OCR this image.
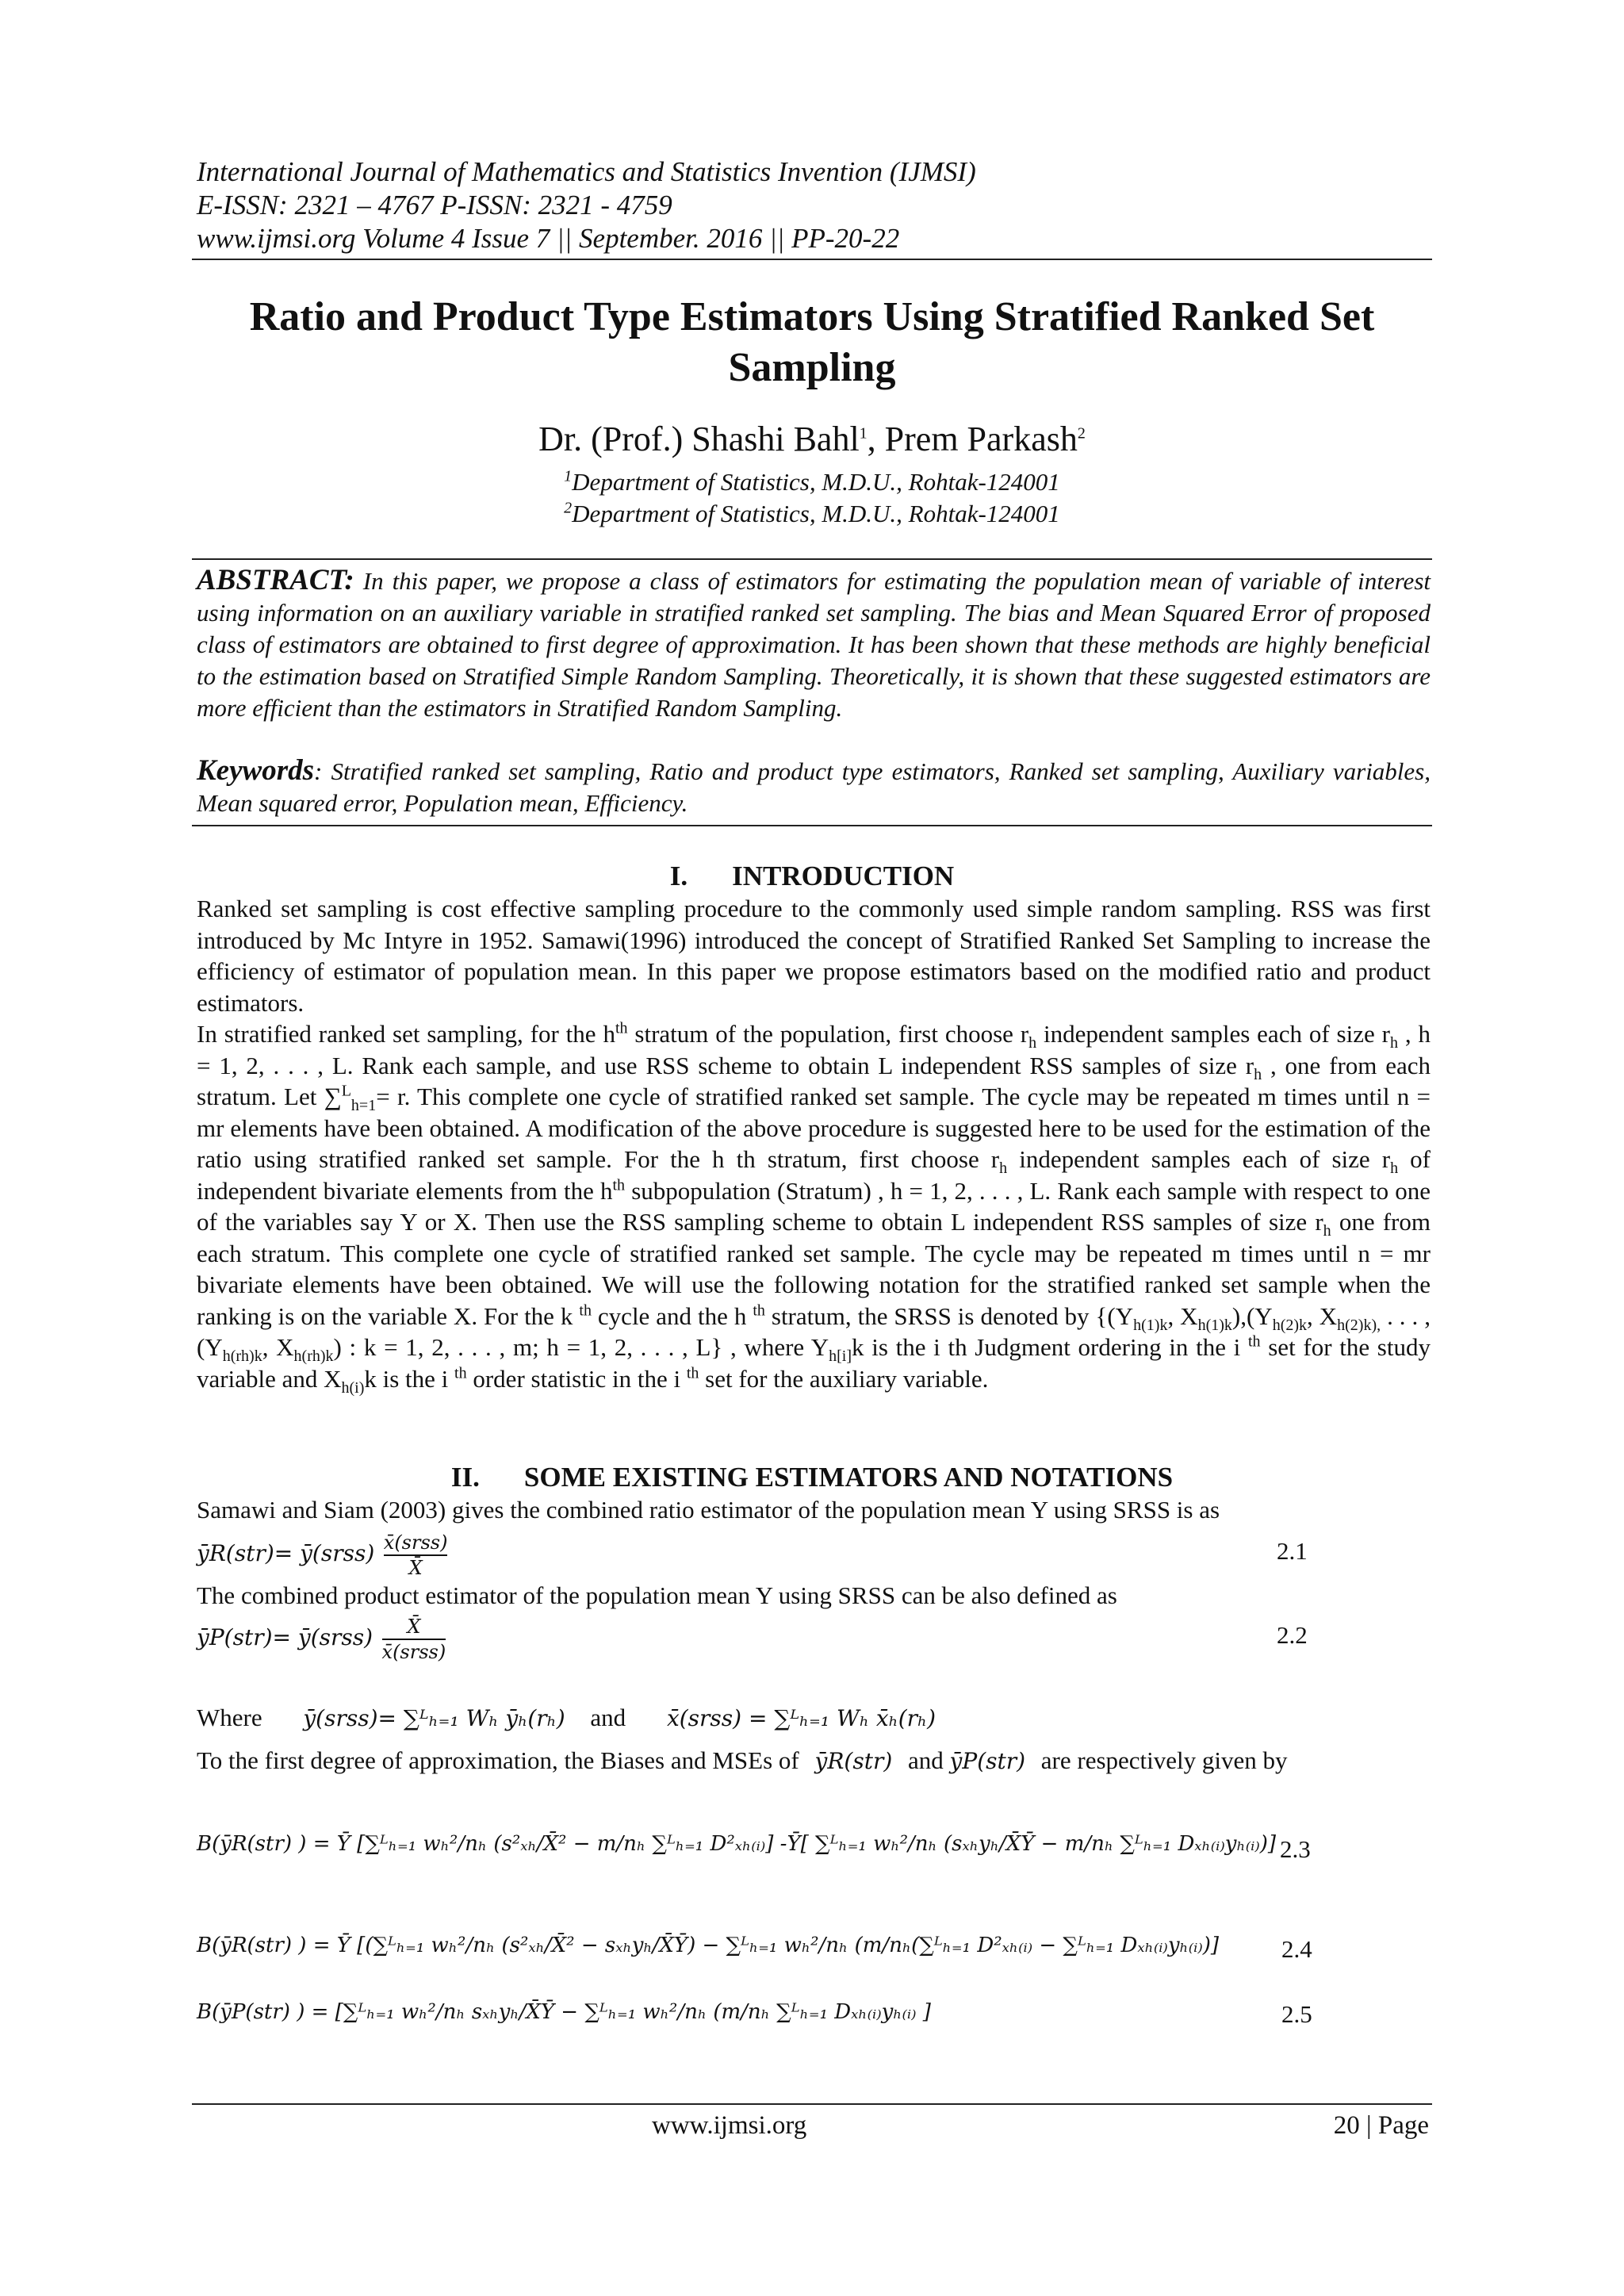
International Journal of Mathematics and Statistics Invention (IJMSI)
E-ISSN: 2321 – 4767 P-ISSN: 2321 - 4759
www.ijmsi.org Volume 4 Issue 7 || September. 2016 || PP-20-22
Ratio and Product Type Estimators Using Stratified Ranked Set
Sampling
Dr. (Prof.) Shashi Bahl$^1$, Prem Parkash$^2$
$^1$Department of Statistics, M.D.U., Rohtak-124001
$^2$Department of Statistics, M.D.U., Rohtak-124001
ABSTRACT: In this paper, we propose a class of estimators for estimating the population mean of variable of interest using information on an auxiliary variable in stratified ranked set sampling. The bias and Mean Squared Error of proposed class of estimators are obtained to first degree of approximation. It has been shown that these methods are highly beneficial to the estimation based on Stratified Simple Random Sampling. Theoretically, it is shown that these suggested estimators are more efficient than the estimators in Stratified Random Sampling.
Keywords: Stratified ranked set sampling, Ratio and product type estimators, Ranked set sampling, Auxiliary variables, Mean squared error, Population mean, Efficiency.
I. INTRODUCTION

Ranked set sampling is cost effective sampling procedure to the commonly used simple random sampling. RSS was first introduced by Mc Intyre in 1952. Samawi(1996) introduced the concept of Stratified Ranked Set Sampling to increase the efficiency of estimator of population mean. In this paper we propose estimators based on the modified ratio and product estimators.

In stratified ranked set sampling, for the $h^{th}$ stratum of the population, first choose $r_h$ independent samples each of size $r_h$ , h = 1, 2, . . . , L. Rank each sample, and use RSS scheme to obtain L independent RSS samples of size $r_h$ , one from each stratum. Let ∑$^L_{h=1}$= r. This complete one cycle of stratified ranked set sample. The cycle may be repeated m times until n = mr elements have been obtained. A modification of the above procedure is suggested here to be used for the estimation of the ratio using stratified ranked set sample. For the h th stratum, first choose $r_h$ independent samples each of size $r_h$ of independent bivariate elements from the $h^{th}$ subpopulation (Stratum) , h = 1, 2, . . . , L. Rank each sample with respect to one of the variables say Y or X. Then use the RSS sampling scheme to obtain L independent RSS samples of size $r_h$ one from each stratum. This complete one cycle of stratified ranked set sample. The cycle may be repeated m times until n = mr bivariate elements have been obtained. We will use the following notation for the stratified ranked set sample when the ranking is on the variable X. For the k $^{th}$ cycle and the h $^{th}$ stratum, the SRSS is denoted by {($Y_{h(1)k}$, $X_{h(1)k}),(Y_{h(2)k}$, $X_{h(2)k),}$ . . . $,(Y_{h(rh)k}$, $X_{h(rh)k}$) : k = 1, 2, . . . , m; h = 1, 2, . . . , L} , where $Y_{h[i]}k$ is the i th Judgment ordering in the i $^{th}$ set for the study variable and $X_{h(i)}k$ is the i $^{th}$ order statistic in the i $^{th}$ set for the auxiliary variable.

II. SOME EXISTING ESTIMATORS AND NOTATIONS

Samawi and Siam (2003) gives the combined ratio estimator of the population mean Y using SRSS is as

ȳR(str)= ȳ(srss) $\frac{\text{x̄(srss)}}{X̄}$	2.1

The combined product estimator of the population mean Y using SRSS can be also defined as

ȳP(str)= ȳ(srss) $\frac{X̄}{\text{x̄(srss)}}$	2.2
Where ȳ(srss)= ∑ᴸₕ₌₁ Wₕ ȳₕ(rₕ) and x̄(srss) = ∑ᴸₕ₌₁ Wₕ x̄ₕ(rₕ)
To the first degree of approximation, the Biases and MSEs of ȳR(str) and ȳP(str) are respectively given by
B(ȳR(str) ) = Ȳ [∑ᴸₕ₌₁ wₕ²/nₕ (s²ₓₕ/X̄² − m/nₕ ∑ᴸₕ₌₁ D²ₓₕ₍ᵢ₎] -Ȳ[ ∑ᴸₕ₌₁ wₕ²/nₕ (sₓₕyₕ/X̄Ȳ − m/nₕ ∑ᴸₕ₌₁ Dₓₕ₍ᵢ₎yₕ₍ᵢ₎)] 2.3
B(ȳR(str) ) = Ȳ [(∑ᴸₕ₌₁ wₕ²/nₕ (s²ₓₕ/X̄² − sₓₕyₕ/X̄Ȳ) − ∑ᴸₕ₌₁ wₕ²/nₕ (m/nₕ(∑ᴸₕ₌₁ D²ₓₕ₍ᵢ₎ − ∑ᴸₕ₌₁ Dₓₕ₍ᵢ₎yₕ₍ᵢ₎)]	2.4
B(ȳP(str) ) = [∑ᴸₕ₌₁ wₕ²/nₕ sₓₕyₕ/X̄Ȳ − ∑ᴸₕ₌₁ wₕ²/nₕ (m/nₕ ∑ᴸₕ₌₁ Dₓₕ₍ᵢ₎yₕ₍ᵢ₎ ]	2.5
www.ijmsi.org	20 | Page
